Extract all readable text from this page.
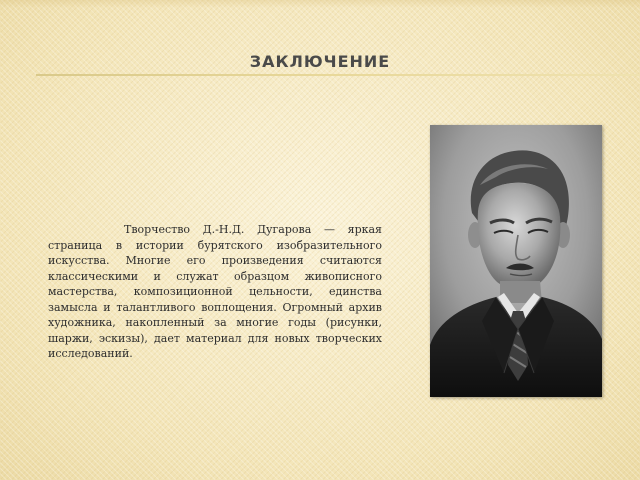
ЗАКЛЮЧЕНИЕ

Творчество Д.-Н.Д. Дугарова — яркая страница в истории бурятского изобразительного искусства. Многие его произведения считаются классическими и служат образцом живописного мастерства, композиционной цельности, единства замысла и талантливого воплощения. Огромный архив художника, накопленный за многие годы (рисунки, шаржи, эскизы), дает материал для новых творческих исследований.
